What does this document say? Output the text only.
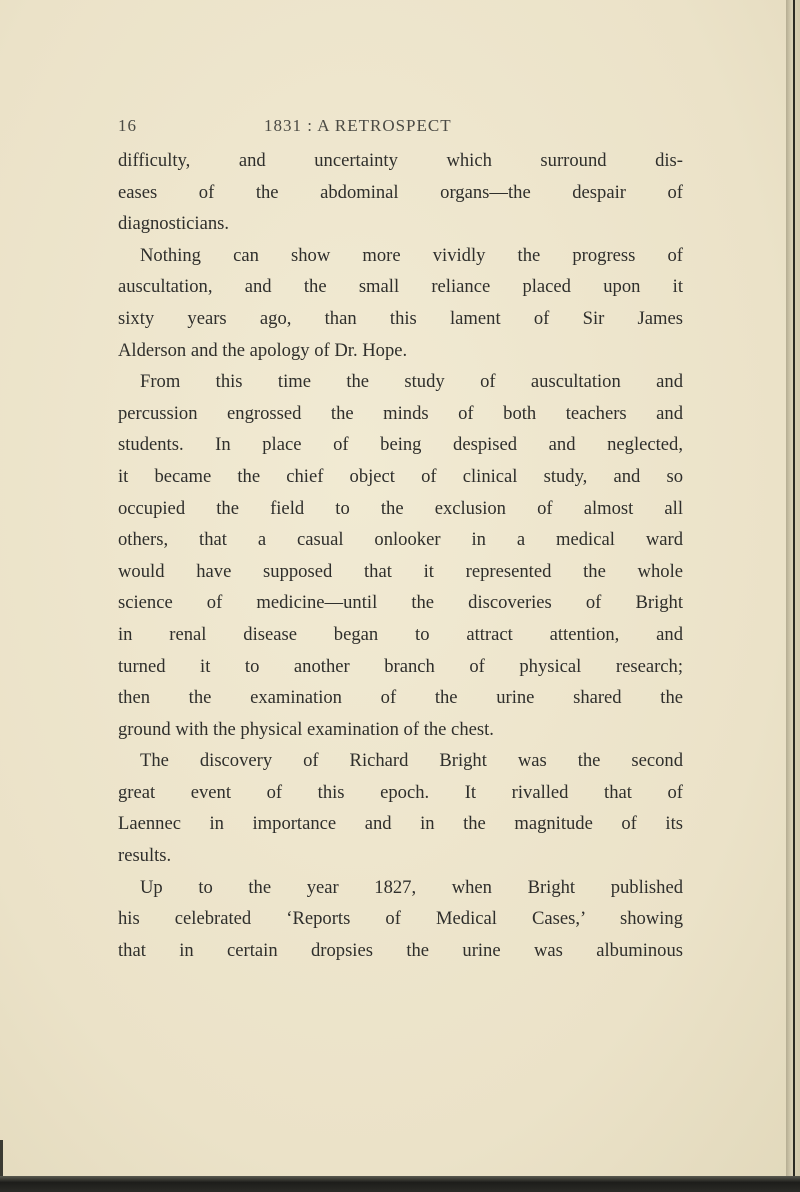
16	1831 : A RETROSPECT
difficulty, and uncertainty which surround dis-
eases of the abdominal organs—the despair of
diagnosticians.
Nothing can show more vividly the progress of
auscultation, and the small reliance placed upon it
sixty years ago, than this lament of Sir James
Alderson and the apology of Dr. Hope.
From this time the study of auscultation and
percussion engrossed the minds of both teachers and
students. In place of being despised and neglected,
it became the chief object of clinical study, and so
occupied the field to the exclusion of almost all
others, that a casual onlooker in a medical ward
would have supposed that it represented the whole
science of medicine—until the discoveries of Bright
in renal disease began to attract attention, and
turned it to another branch of physical research;
then the examination of the urine shared the
ground with the physical examination of the chest.
The discovery of Richard Bright was the second
great event of this epoch. It rivalled that of
Laennec in importance and in the magnitude of its
results.
Up to the year 1827, when Bright published
his celebrated ‘Reports of Medical Cases,’ showing
that in certain dropsies the urine was albuminous
